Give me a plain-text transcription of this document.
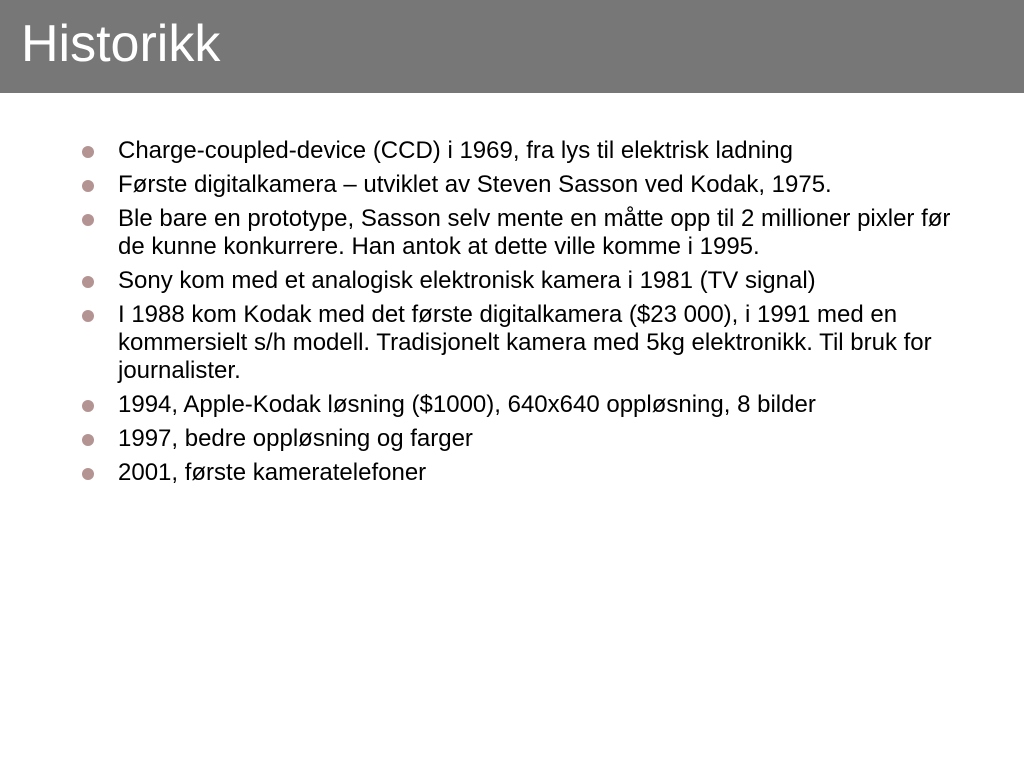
Historikk
Charge-coupled-device (CCD) i 1969, fra lys til elektrisk ladning
Første digitalkamera – utviklet av Steven Sasson ved Kodak, 1975.
Ble bare en prototype, Sasson selv mente en måtte opp til 2 millioner pixler før de kunne konkurrere. Han antok at dette ville komme i 1995.
Sony kom med et analogisk elektronisk kamera i 1981 (TV signal)
I 1988 kom Kodak med det første digitalkamera ($23 000), i 1991 med en kommersielt s/h modell. Tradisjonelt kamera med 5kg elektronikk. Til bruk for journalister.
1994, Apple-Kodak løsning ($1000), 640x640 oppløsning, 8 bilder
1997, bedre oppløsning og farger
2001, første kameratelefoner
